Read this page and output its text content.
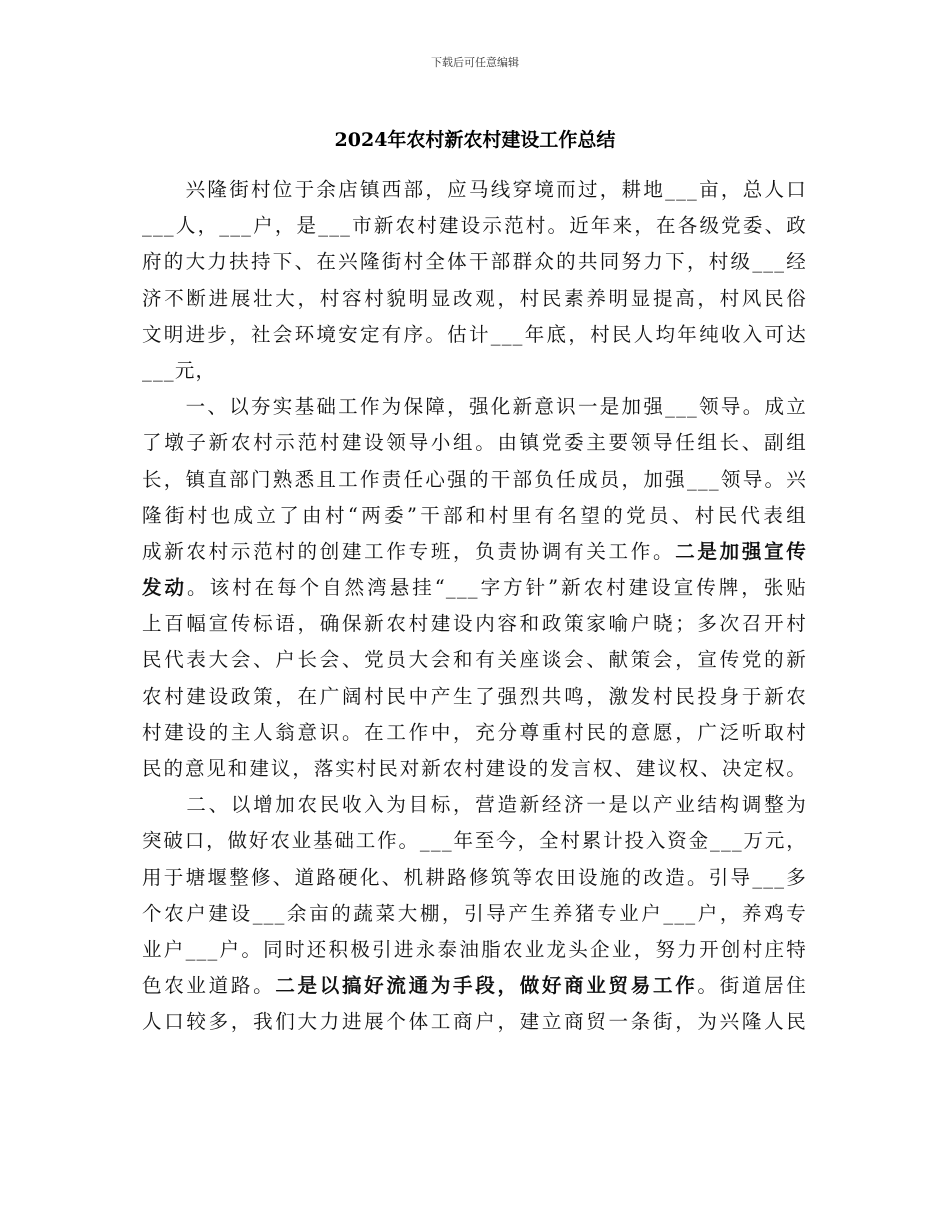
下载后可任意编辑
2024年农村新农村建设工作总结
　　兴隆街村位于余店镇西部，应马线穿境而过，耕地___亩，总人口
___人，___户，是___市新农村建设示范村。近年来，在各级党委、政
府的大力扶持下、在兴隆街村全体干部群众的共同努力下，村级___经
济不断进展壮大，村容村貌明显改观，村民素养明显提高，村风民俗
文明进步，社会环境安定有序。估计___年底，村民人均年纯收入可达
___元，
　　一、以夯实基础工作为保障，强化新意识一是加强___领导。成立
了墩子新农村示范村建设领导小组。由镇党委主要领导任组长、副组
长，镇直部门熟悉且工作责任心强的干部负任成员，加强___领导。兴
隆街村也成立了由村“两委”干部和村里有名望的党员、村民代表组
成新农村示范村的创建工作专班，负责协调有关工作。二是加强宣传
发动。该村在每个自然湾悬挂“___字方针”新农村建设宣传牌，张贴
上百幅宣传标语，确保新农村建设内容和政策家喻户晓；多次召开村
民代表大会、户长会、党员大会和有关座谈会、献策会，宣传党的新
农村建设政策，在广阔村民中产生了强烈共鸣，激发村民投身于新农
村建设的主人翁意识。在工作中，充分尊重村民的意愿，广泛听取村
民的意见和建议，落实村民对新农村建设的发言权、建议权、决定权。
　　二、以增加农民收入为目标，营造新经济一是以产业结构调整为
突破口，做好农业基础工作。___年至今，全村累计投入资金___万元，
用于塘堰整修、道路硬化、机耕路修筑等农田设施的改造。引导___多
个农户建设___余亩的蔬菜大棚，引导产生养猪专业户___户，养鸡专
业户___户。同时还积极引进永泰油脂农业龙头企业，努力开创村庄特
色农业道路。二是以搞好流通为手段，做好商业贸易工作。街道居住
人口较多，我们大力进展个体工商户，建立商贸一条街，为兴隆人民
